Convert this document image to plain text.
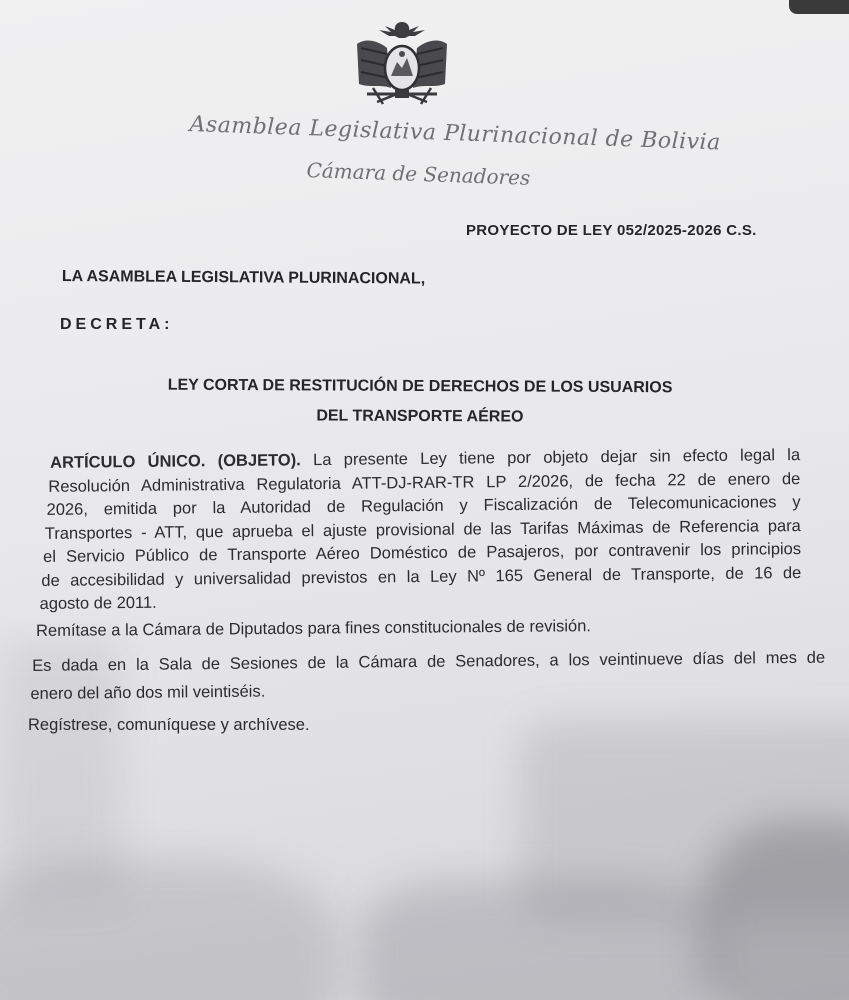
Asamblea Legislativa Plurinacional de Bolivia
Cámara de Senadores
PROYECTO DE LEY 052/2025-2026 C.S.
LA ASAMBLEA LEGISLATIVA PLURINACIONAL,
DECRETA:
LEY CORTA DE RESTITUCIÓN DE DERECHOS DE LOS USUARIOS
DEL TRANSPORTE AÉREO
ARTÍCULO ÚNICO. (OBJETO). La presente Ley tiene por objeto dejar sin efecto legal la
Resolución Administrativa Regulatoria ATT-DJ-RAR-TR LP 2/2026, de fecha 22 de enero de
2026, emitida por la Autoridad de Regulación y Fiscalización de Telecomunicaciones y
Transportes - ATT, que aprueba el ajuste provisional de las Tarifas Máximas de Referencia para
el Servicio Público de Transporte Aéreo Doméstico de Pasajeros, por contravenir los principios
de accesibilidad y universalidad previstos en la Ley Nº 165 General de Transporte, de 16 de
agosto de 2011.
Remítase a la Cámara de Diputados para fines constitucionales de revisión.
Es dada en la Sala de Sesiones de la Cámara de Senadores, a los veintinueve días del mes de
enero del año dos mil veintiséis.
Regístrese, comuníquese y archívese.
